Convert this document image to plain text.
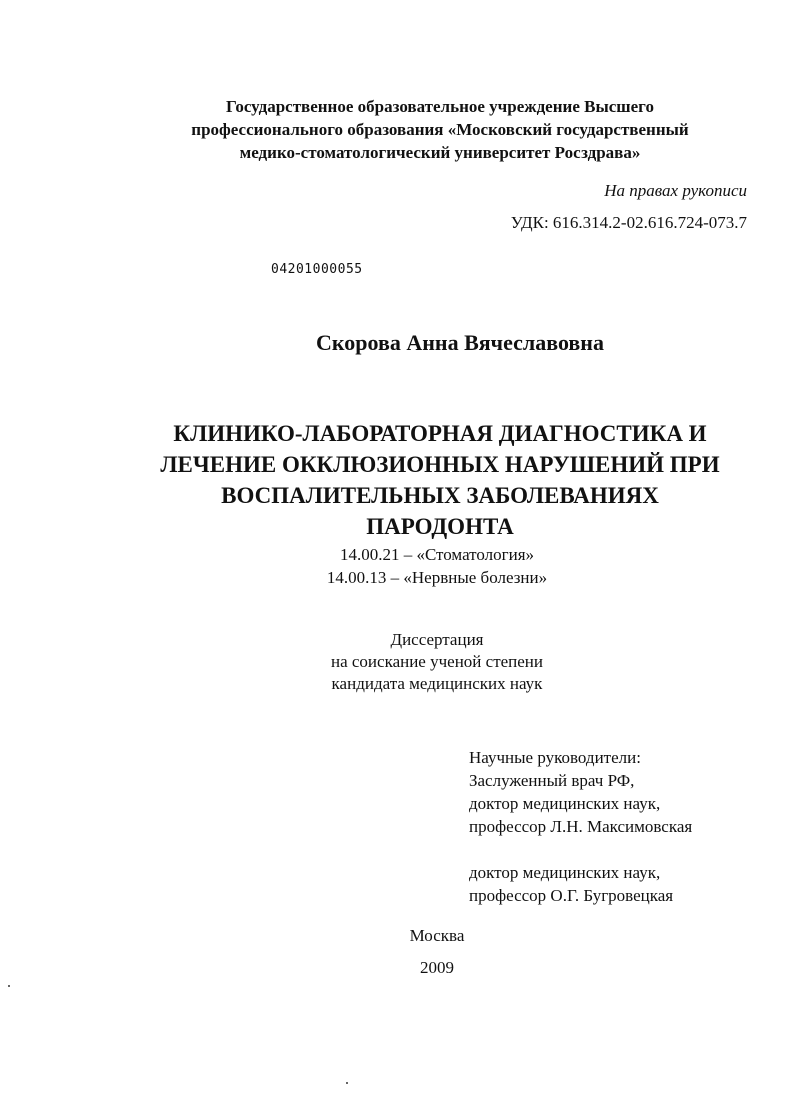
Государственное образовательное учреждение Высшего
профессионального образования «Московский государственный
медико-стоматологический университет Росздрава»
На правах рукописи
УДК: 616.314.2-02.616.724-073.7
04201000055
Скорова Анна Вячеславовна
КЛИНИКО-ЛАБОРАТОРНАЯ ДИАГНОСТИКА И
ЛЕЧЕНИЕ ОККЛЮЗИОННЫХ НАРУШЕНИЙ ПРИ
ВОСПАЛИТЕЛЬНЫХ ЗАБОЛЕВАНИЯХ
ПАРОДОНТА
14.00.21 – «Стоматология»
14.00.13 – «Нервные болезни»
Диссертация
на соискание ученой степени
кандидата медицинских наук
Научные руководители:
Заслуженный врач РФ,
доктор медицинских наук,
профессор Л.Н. Максимовская
доктор медицинских наук,
профессор О.Г. Бугровецкая
Москва
2009
